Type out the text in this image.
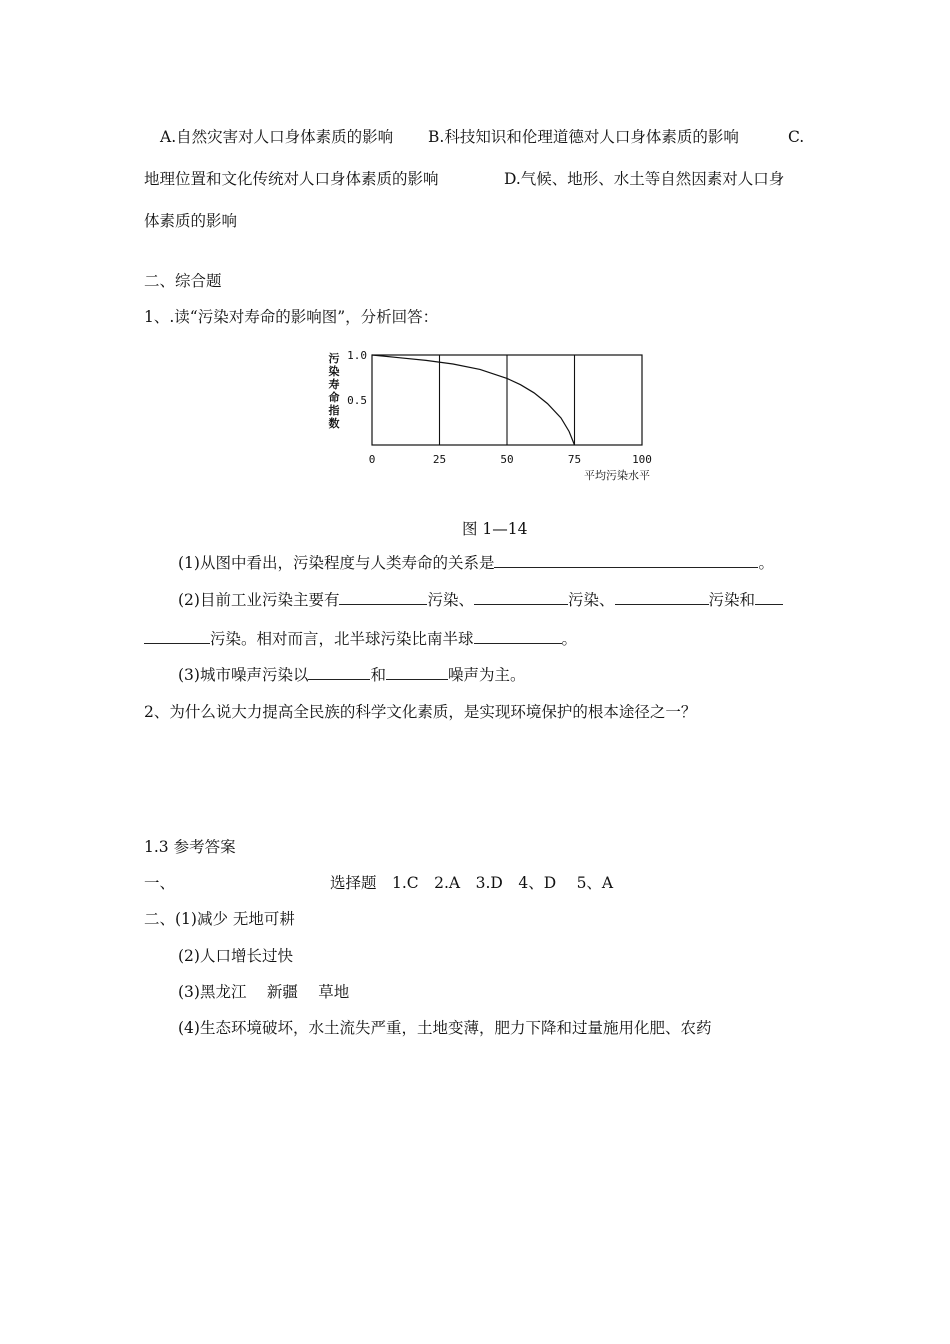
A.自然灾害对人口身体素质的影响 B.科技知识和伦理道德对人口身体素质的影响	C.
地理位置和文化传统对人口身体素质的影响	D.气候、地形、水土等自然因素对人口身
体素质的影响
二、综合题
1、.读“污染对寿命的影响图”，分析回答：
污
染
寿
命
指
数
1.0
0.5
0	25	50	75	100
平均污染水平
图 1—14
(1)从图中看出，污染程度与人类寿命的关系是	。
(2)目前工业污染主要有	污染、	污染、	污染和
污染。相对而言，北半球污染比南半球	。
(3)城市噪声污染以	和	噪声为主。
2、为什么说大力提高全民族的科学文化素质，是实现环境保护的根本途径之一？
1.3 参考答案
一、	选择题　1.C　2.A　3.D　4、D　 5、A
二、(1)减少 无地可耕
(2)人口增长过快
(3)黑龙江　 新疆　 草地
(4)生态环境破坏，水土流失严重，土地变薄，肥力下降和过量施用化肥、农药
